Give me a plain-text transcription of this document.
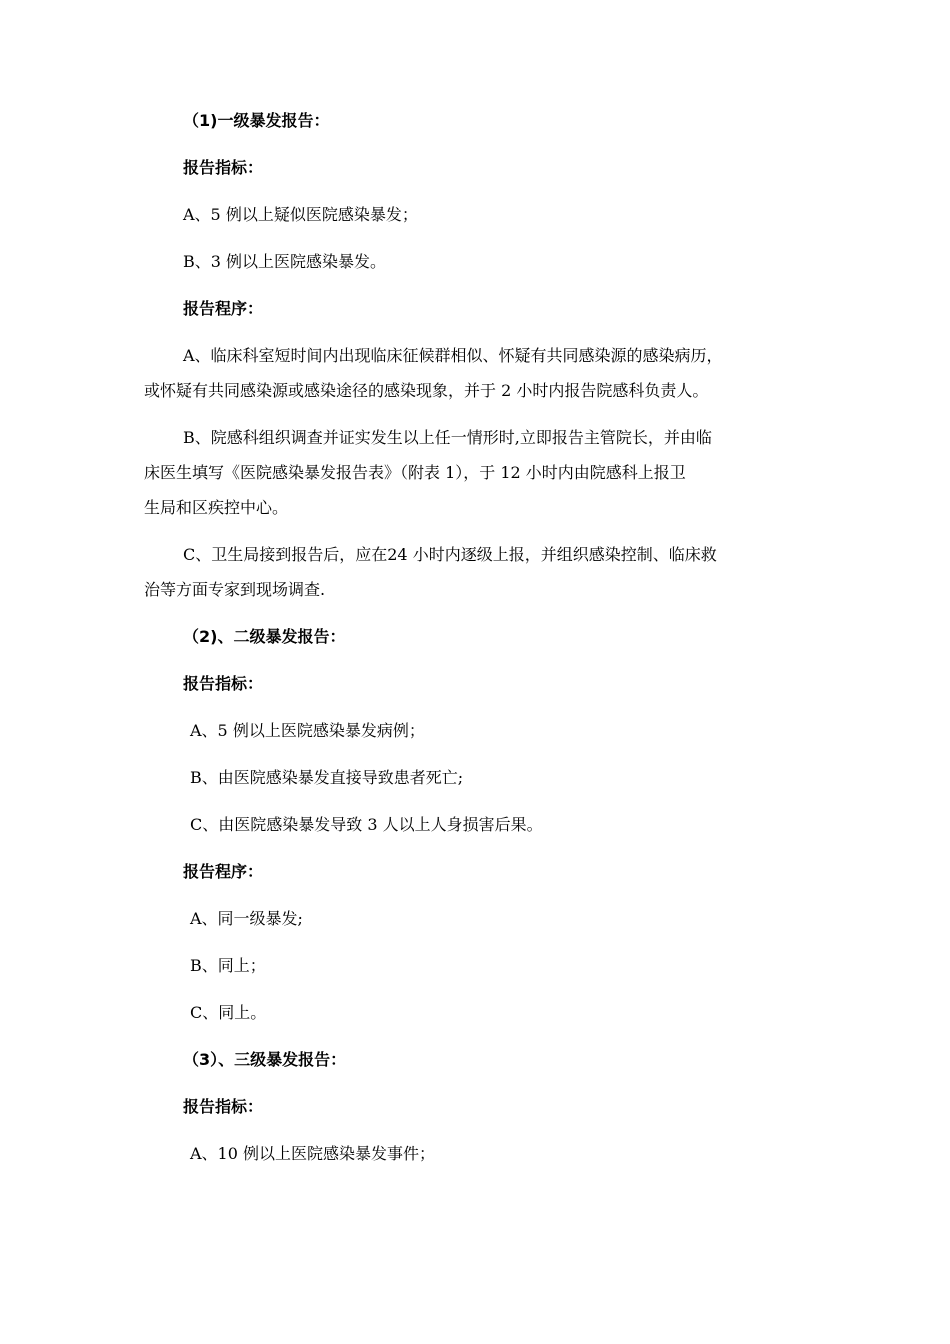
（1)一级暴发报告：
报告指标：
A、5 例以上疑似医院感染暴发；
B、3 例以上医院感染暴发。
报告程序：
A、临床科室短时间内出现临床征候群相似、怀疑有共同感染源的感染病历，
或怀疑有共同感染源或感染途径的感染现象，并于 2 小时内报告院感科负责人。
B、院感科组织调查并证实发生以上任一情形时,立即报告主管院长，并由临
床医生填写《医院感染暴发报告表》（附表 1），于 12 小时内由院感科上报卫
生局和区疾控中心。
C、卫生局接到报告后，应在24 小时内逐级上报，并组织感染控制、临床救
治等方面专家到现场调查.
（2)、二级暴发报告：
报告指标：
A、5 例以上医院感染暴发病例；
B、由医院感染暴发直接导致患者死亡;
C、由医院感染暴发导致 3 人以上人身损害后果。
报告程序：
A、同一级暴发;
B、同上；
C、同上。
（3）、三级暴发报告：
报告指标：
A、10 例以上医院感染暴发事件；
